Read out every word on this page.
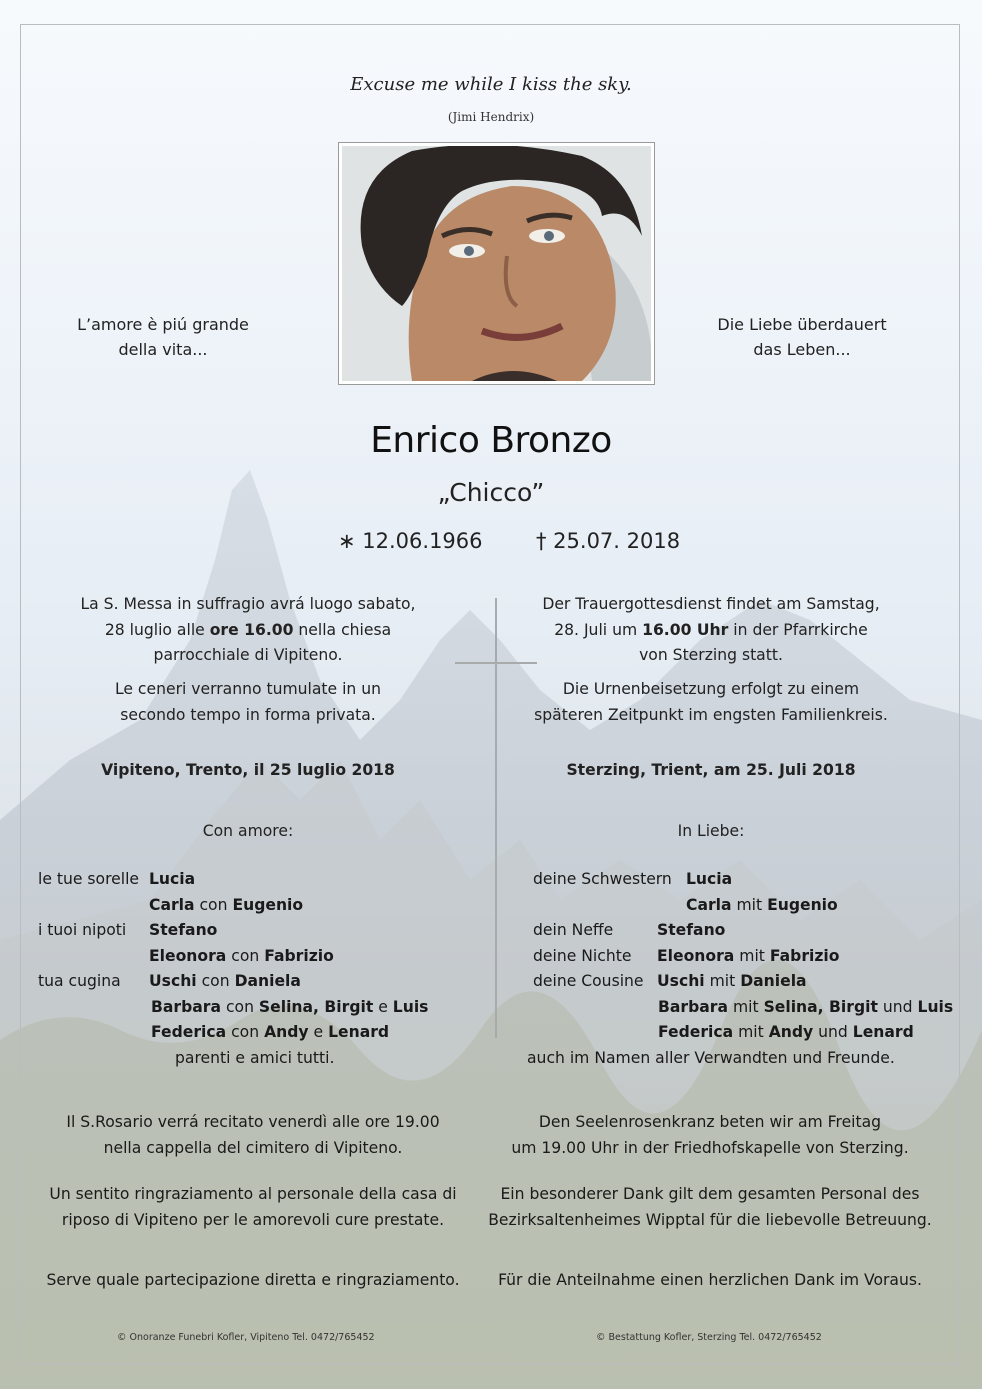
Excuse me while I kiss the sky.
(Jimi Hendrix)
L’amore è piú grande
della vita...
Die Liebe überdauert
das Leben...
Enrico Bronzo
„Chicco”
∗ 12.06.1966	† 25.07. 2018
La S. Messa in suffragio avrá luogo sabato,
28 luglio alle ore 16.00 nella chiesa
parrocchiale di Vipiteno.
Le ceneri verranno tumulate in un
secondo tempo in forma privata.
Vipiteno, Trento, il 25 luglio 2018
Con amore:
le tue sorelle Lucia
Carla con Eugenio
i tuoi nipoti Stefano
Eleonora con Fabrizio
tua cugina Uschi con Daniela
Barbara con Selina, Birgit e Luis
Federica con Andy e Lenard
parenti e amici tutti.
Der Trauergottesdienst findet am Samstag,
28. Juli um 16.00 Uhr in der Pfarrkirche
von Sterzing statt.
Die Urnenbeisetzung erfolgt zu einem
späteren Zeitpunkt im engsten Familienkreis.
Sterzing, Trient, am 25. Juli 2018
In Liebe:
deine Schwestern Lucia
Carla mit Eugenio
dein Neffe	Stefano
deine Nichte Eleonora mit Fabrizio
deine Cousine Uschi mit Daniela
Barbara mit Selina, Birgit und Luis
Federica mit Andy und Lenard
auch im Namen aller Verwandten und Freunde.
Il S.Rosario verrá recitato venerdì alle ore 19.00
nella cappella del cimitero di Vipiteno.
Den Seelenrosenkranz beten wir am Freitag
um 19.00 Uhr in der Friedhofskapelle von Sterzing.
Un sentito ringraziamento al personale della casa di
riposo di Vipiteno per le amorevoli cure prestate.
Ein besonderer Dank gilt dem gesamten Personal des
Bezirksaltenheimes Wipptal für die liebevolle Betreuung.
Serve quale partecipazione diretta e ringraziamento.	Für die Anteilnahme einen herzlichen Dank im Voraus.
© Onoranze Funebri Kofler, Vipiteno Tel. 0472/765452	© Bestattung Kofler, Sterzing Tel. 0472/765452
